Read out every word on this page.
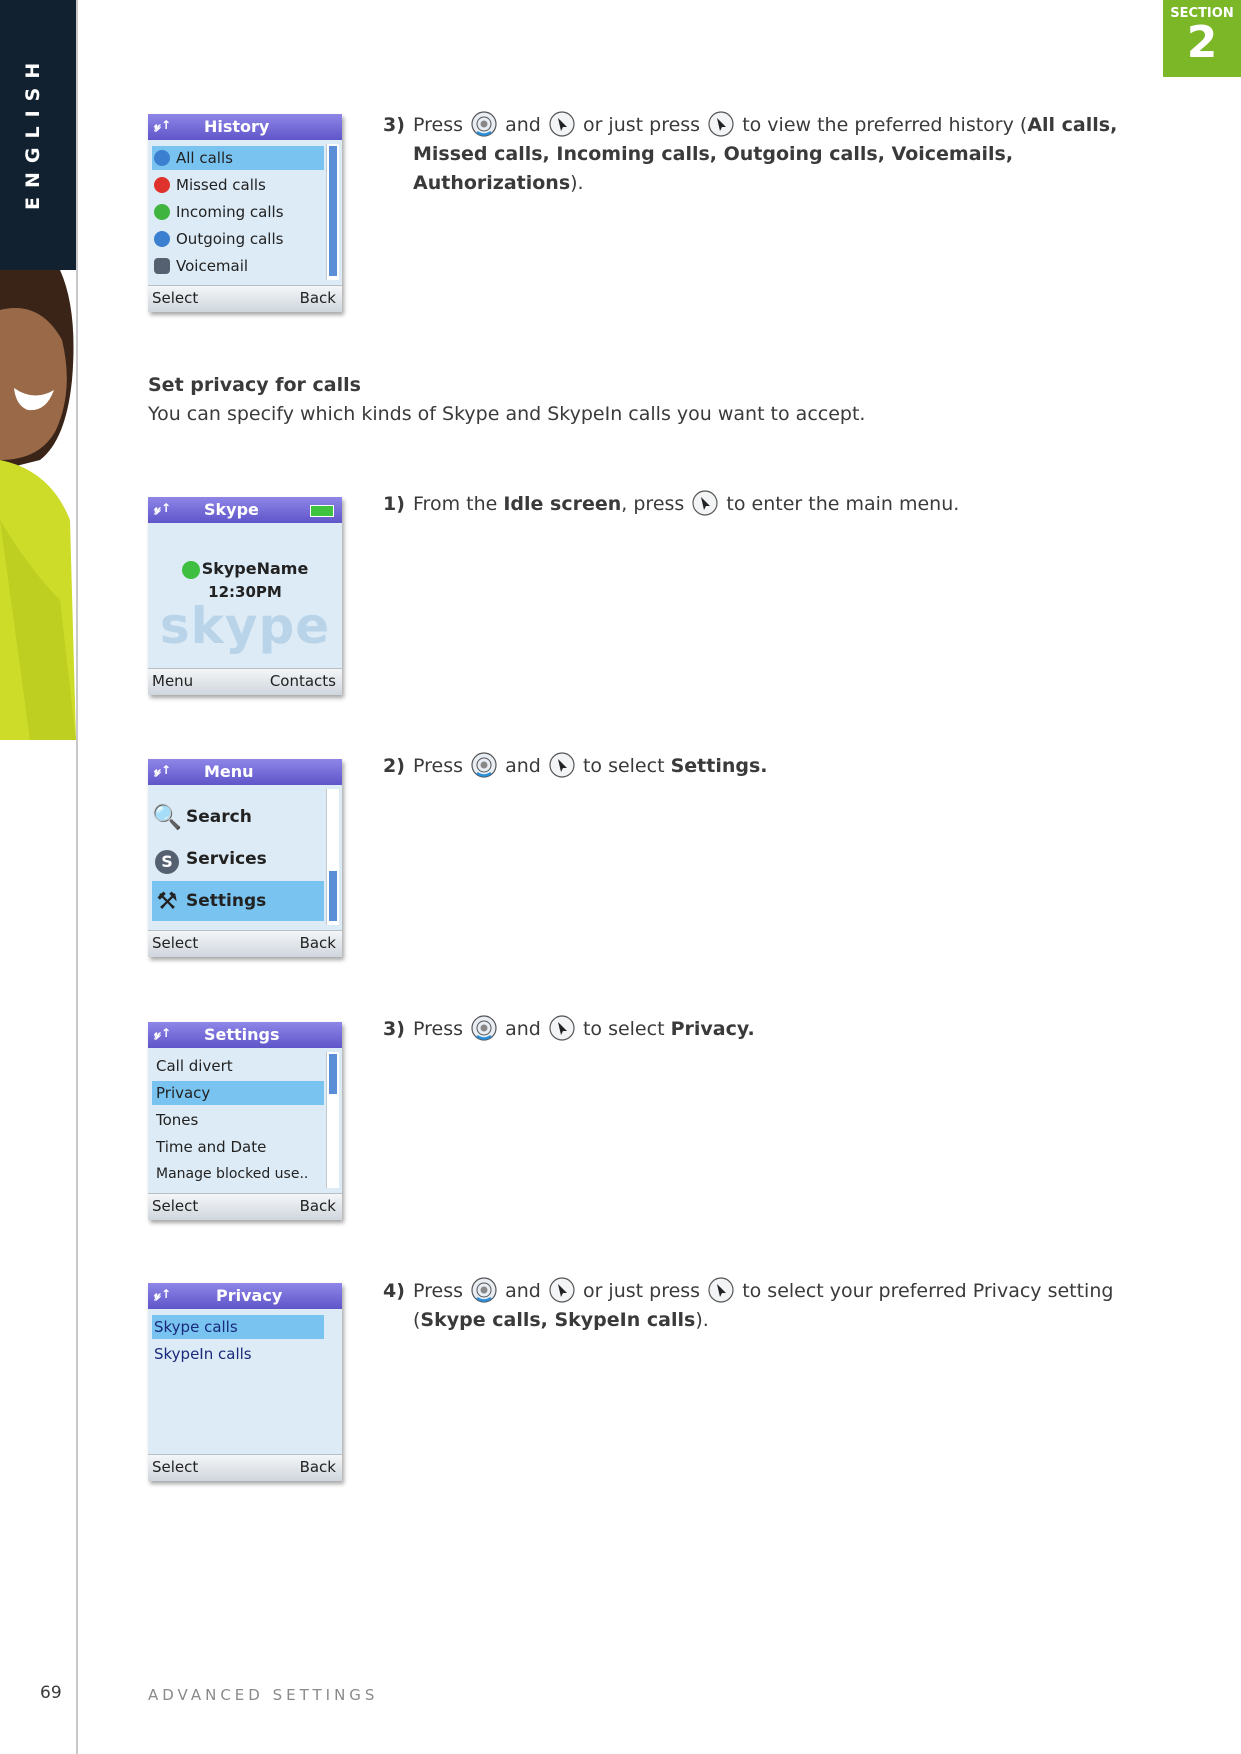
ENGLISH
SECTION
2
𝓎↑ History
All calls
Missed calls
Incoming calls
Outgoing calls
Voicemail
Select	Back
3) Press and or just press to view the preferred history (All calls, Missed calls, Incoming calls, Outgoing calls, Voicemails, Authorizations).
Set privacy for calls
You can specify which kinds of Skype and SkypeIn calls you want to accept.
𝓎↑ Skype
skype
SkypeName
12:30PM
Menu	Contacts
1) From the Idle screen, press to enter the main menu.
𝓎↑ Menu
🔍 Search
S Services
⚒ Settings
Select	Back
2) Press and to select Settings.
𝓎↑ Settings
Call divert
Privacy
Tones
Time and Date
Manage blocked use..
Select	Back
3) Press and to select Privacy.
𝓎↑	Privacy
Skype calls
SkypeIn calls
Select	Back
4) Press and or just press to select your preferred Privacy setting (Skype calls, SkypeIn calls).
69	ADVANCED SETTINGS
